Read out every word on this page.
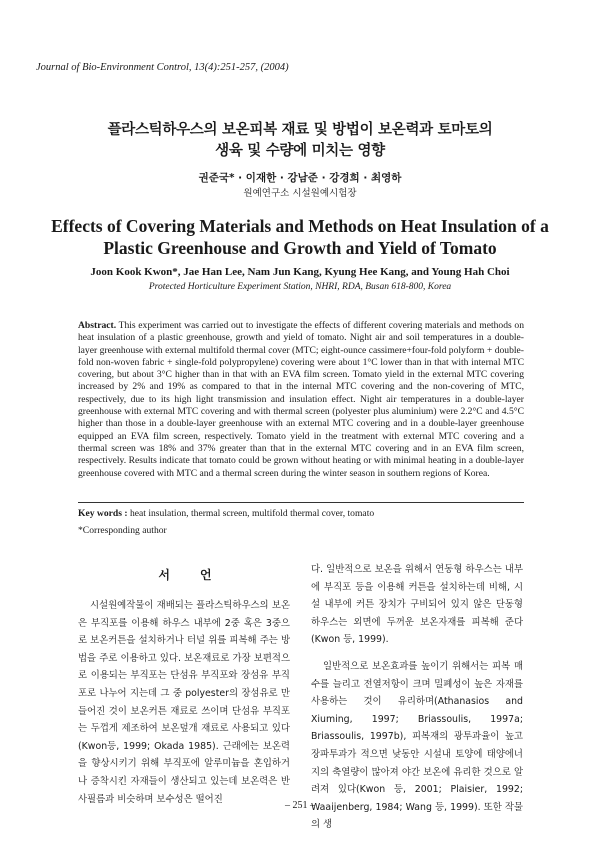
Journal of Bio-Environment Control, 13(4):251-257, (2004)
플라스틱하우스의 보온피복 재료 및 방법이 보온력과 토마토의
생육 및 수량에 미치는 영향
권준국* · 이재한 · 강남준 · 강경희 · 최영하
원예연구소 시설원예시험장
Effects of Covering Materials and Methods on Heat Insulation of a
Plastic Greenhouse and Growth and Yield of Tomato
Joon Kook Kwon*, Jae Han Lee, Nam Jun Kang, Kyung Hee Kang, and Young Hah Choi
Protected Horticulture Experiment Station, NHRI, RDA, Busan 618-800, Korea

Abstract. This experiment was carried out to investigate the effects of different covering materials and methods on heat insulation of a plastic greenhouse, growth and yield of tomato. Night air and soil temperatures in a double-layer greenhouse with external multifold thermal cover (MTC; eight-ounce cassimere+four-fold polyform + double-fold non-woven fabric + single-fold polypropylene) covering were about 1°C lower than in that with internal MTC covering, but about 3°C higher than in that with an EVA film screen. Tomato yield in the external MTC covering increased by 2% and 19% as compared to that in the internal MTC covering and the non-covering of MTC, respectively, due to its high light transmission and insulation effect. Night air temperatures in a double-layer greenhouse with external MTC covering and with thermal screen (polyester plus aluminium) were 2.2°C and 4.5°C higher than those in a double-layer greenhouse with an external MTC covering and in a double-layer greenhouse equipped an EVA film screen, respectively. Tomato yield in the treatment with external MTC covering and a thermal screen was 18% and 37% greater than that in the external MTC covering and in an EVA film screen, respectively. Results indicate that tomato could be grown without heating or with minimal heating in a double-layer greenhouse covered with MTC and a thermal screen during the winter season in southern regions of Korea.

Key words : heat insulation, thermal screen, multifold thermal cover, tomato
*Corresponding author
서언

시설원예작물이 재배되는 플라스틱하우스의 보온은 부직포를 이용해 하우스 내부에 2중 혹은 3중으로 보온커튼을 설치하거나 터널 위를 피복해 주는 방법을 주로 이용하고 있다. 보온재료로 가장 보편적으로 이용되는 부직포는 단섬유 부직포와 장섬유 부직포로 나누어 지는데 그 중 polyester의 장섬유로 만들어진 것이 보온커튼 재료로 쓰이며 단섬유 부직포는 두껍게 제조하여 보온덮개 재료로 사용되고 있다(Kwon등, 1999; Okada 1985). 근래에는 보온력을 향상시키기 위해 부직포에 알루미늄을 혼입하거나 증착시킨 자재들이 생산되고 있는데 보온력은 반사필름과 비슷하며 보수성은 떨어진

다. 일반적으로 보온을 위해서 연동형 하우스는 내부에 부직포 등을 이용해 커튼을 설치하는데 비해, 시설 내부에 커튼 장치가 구비되어 있지 않은 단동형 하우스는 외면에 두꺼운 보온자재를 피복해 준다(Kwon 등, 1999).

일반적으로 보온효과를 높이기 위해서는 피복 매수를 늘리고 전열저항이 크며 밀폐성이 높은 자재를 사용하는 것이 유리하며(Athanasios and Xiuming, 1997; Briassoulis, 1997a; Briassoulis, 1997b), 피복재의 광투과율이 높고 장파투과가 적으면 낮동안 시설내 토양에 태양에너지의 축열량이 많아져 야간 보온에 유리한 것으로 알려져 있다(Kwon 등, 2001; Plaisier, 1992; Waaijenberg, 1984; Wang 등, 1999). 또한 작물의 생

– 251 –
